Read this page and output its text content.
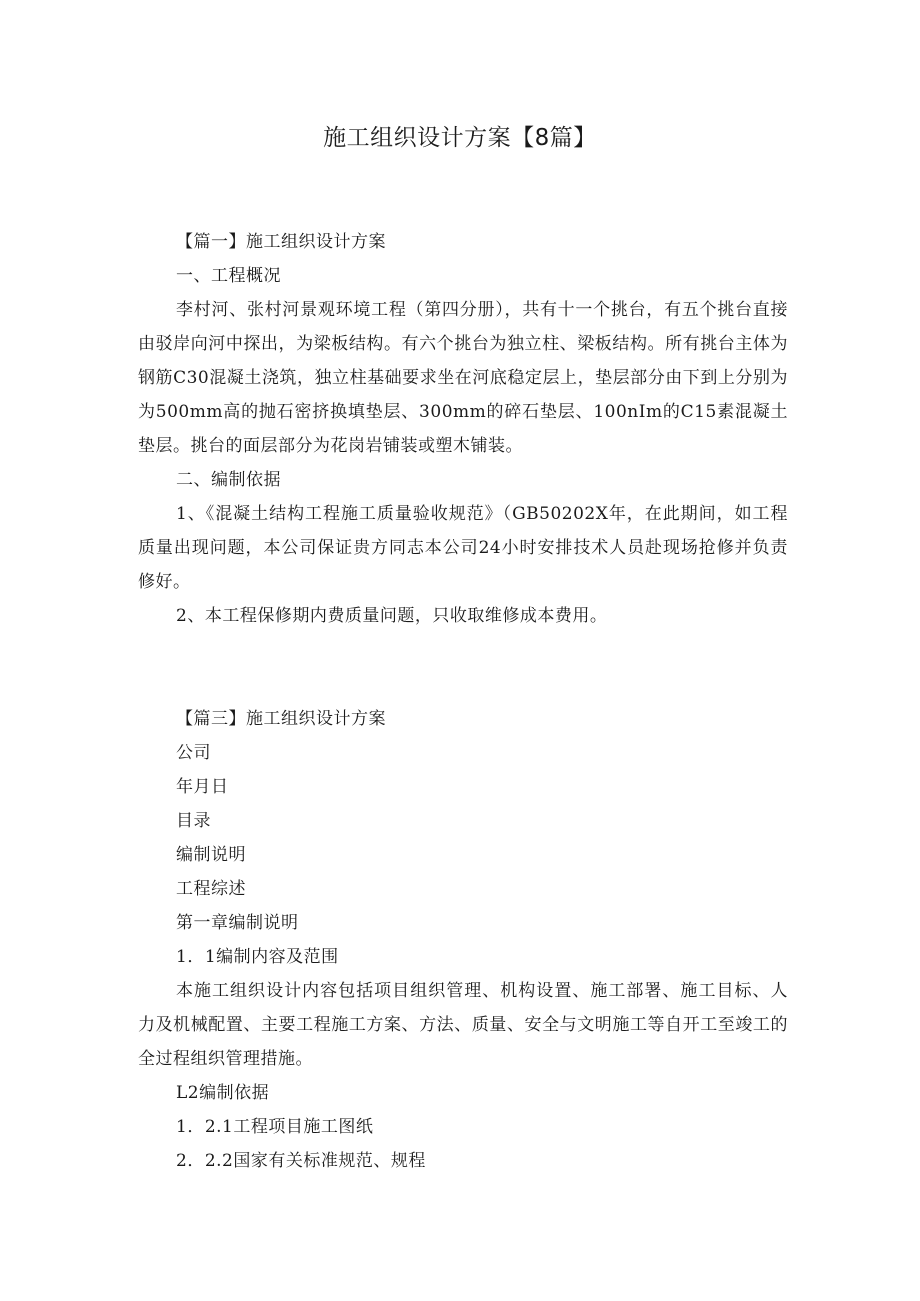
施工组织设计方案【8篇】

【篇一】施工组织设计方案

一、工程概况

李村河、张村河景观环境工程（第四分册），共有十一个挑台，有五个挑台直接由驳岸向河中探出，为梁板结构。有六个挑台为独立柱、梁板结构。所有挑台主体为钢筋C30混凝土浇筑，独立柱基础要求坐在河底稳定层上，垫层部分由下到上分别为为500mm高的抛石密挤换填垫层、300mm的碎石垫层、100nIm的C15素混凝土垫层。挑台的面层部分为花岗岩铺装或塑木铺装。

二、编制依据

1、《混凝土结构工程施工质量验收规范》（GB50202X年，在此期间，如工程质量出现问题，本公司保证贵方同志本公司24小时安排技术人员赴现场抢修并负责修好。

2、本工程保修期内费质量问题，只收取维修成本费用。

【篇三】施工组织设计方案

公司

年月日

目录

编制说明

工程综述

第一章编制说明

1．1编制内容及范围

本施工组织设计内容包括项目组织管理、机构设置、施工部署、施工目标、人力及机械配置、主要工程施工方案、方法、质量、安全与文明施工等自开工至竣工的全过程组织管理措施。

L2编制依据

1．2.1工程项目施工图纸

2．2.2国家有关标准规范、规程
